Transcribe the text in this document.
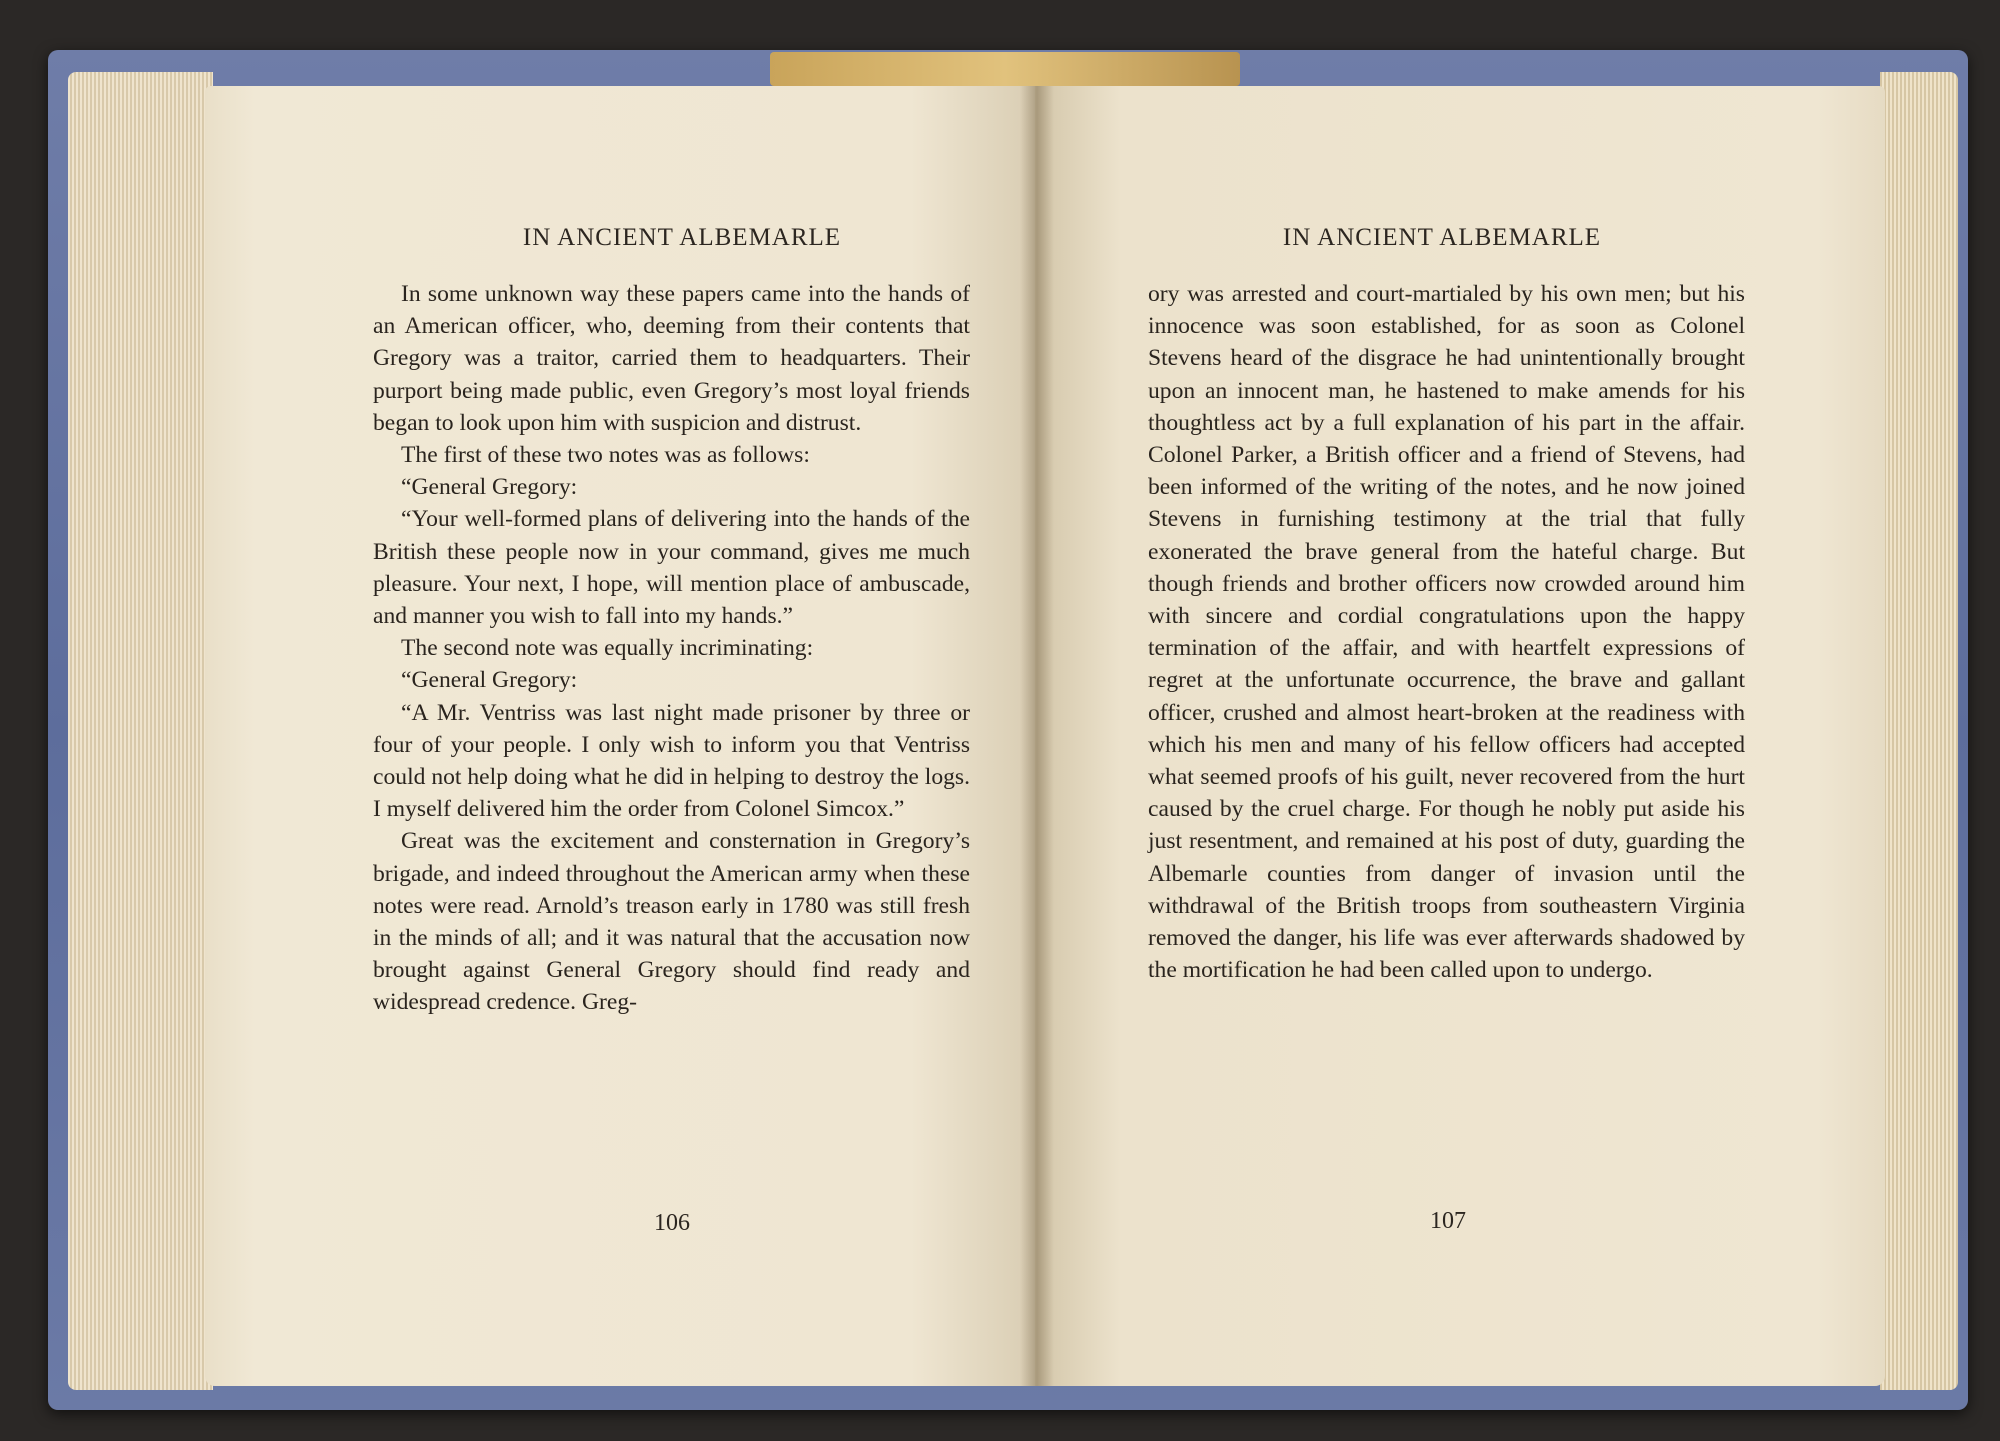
IN ANCIENT ALBEMARLE

In some unknown way these papers came into the hands of an American officer, who, deeming from their contents that Gregory was a traitor, carried them to headquarters. Their purport being made public, even Gregory’s most loyal friends began to look upon him with suspicion and distrust.

The first of these two notes was as follows:

“General Gregory:

“Your well-formed plans of delivering into the hands of the British these people now in your command, gives me much pleasure. Your next, I hope, will mention place of ambuscade, and manner you wish to fall into my hands.”

The second note was equally incriminating:

“General Gregory:

“A Mr. Ventriss was last night made prisoner by three or four of your people. I only wish to inform you that Ventriss could not help doing what he did in helping to destroy the logs. I myself delivered him the order from Colonel Simcox.”

Great was the excitement and consternation in Gregory’s brigade, and indeed throughout the American army when these notes were read. Arnold’s treason early in 1780 was still fresh in the minds of all; and it was natural that the accusation now brought against General Gregory should find ready and widespread credence. Greg-

106
IN ANCIENT ALBEMARLE

ory was arrested and court-martialed by his own men; but his innocence was soon established, for as soon as Colonel Stevens heard of the disgrace he had unintentionally brought upon an innocent man, he hastened to make amends for his thoughtless act by a full explanation of his part in the affair. Colonel Parker, a British officer and a friend of Stevens, had been informed of the writing of the notes, and he now joined Stevens in furnishing testimony at the trial that fully exonerated the brave general from the hateful charge. But though friends and brother officers now crowded around him with sincere and cordial congratulations upon the happy termination of the affair, and with heartfelt expressions of regret at the unfortunate occurrence, the brave and gallant officer, crushed and almost heart-broken at the readiness with which his men and many of his fellow officers had accepted what seemed proofs of his guilt, never recovered from the hurt caused by the cruel charge. For though he nobly put aside his just resentment, and remained at his post of duty, guarding the Albemarle counties from danger of invasion until the withdrawal of the British troops from southeastern Virginia removed the danger, his life was ever afterwards shadowed by the mortification he had been called upon to undergo.

107
